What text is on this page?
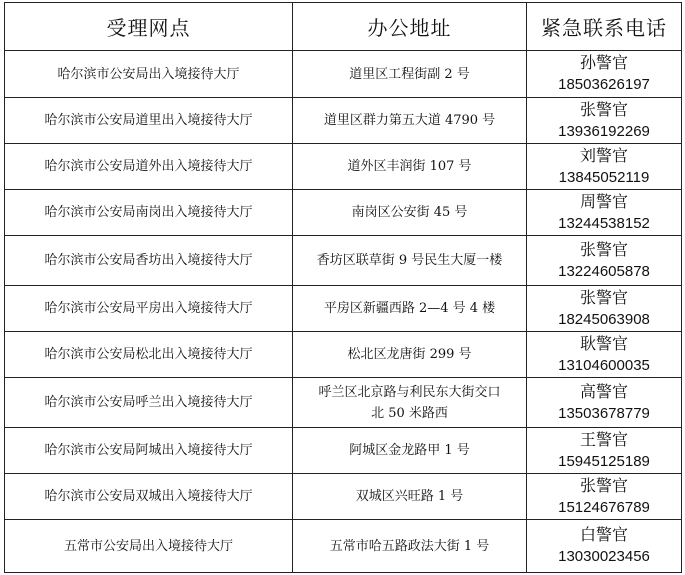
受理网点	办公地址	紧急联系电话
哈尔滨市公安局出入境接待大厅	道里区工程街副 2 号	孙警官
18503626197

哈尔滨市公安局道里出入境接待大厅	道里区群力第五大道 4790 号	张警官
13936192269

哈尔滨市公安局道外出入境接待大厅	道外区丰润街 107 号	刘警官
13845052119

哈尔滨市公安局南岗出入境接待大厅	南岗区公安街 45 号	周警官
13244538152

哈尔滨市公安局香坊出入境接待大厅	香坊区联草街 9 号民生大厦一楼	张警官
13224605878

哈尔滨市公安局平房出入境接待大厅	平房区新疆西路 2—4 号 4 楼	张警官
18245063908

哈尔滨市公安局松北出入境接待大厅	松北区龙唐街 299 号	耿警官
13104600035

哈尔滨市公安局呼兰出入境接待大厅	呼兰区北京路与利民东大街交口
北 50 米路西	高警官
13503678779

哈尔滨市公安局阿城出入境接待大厅	阿城区金龙路甲 1 号	王警官
15945125189

哈尔滨市公安局双城出入境接待大厅	双城区兴旺路 1 号	张警官
15124676789

五常市公安局出入境接待大厅	五常市哈五路政法大街 1 号	白警官
13030023456
